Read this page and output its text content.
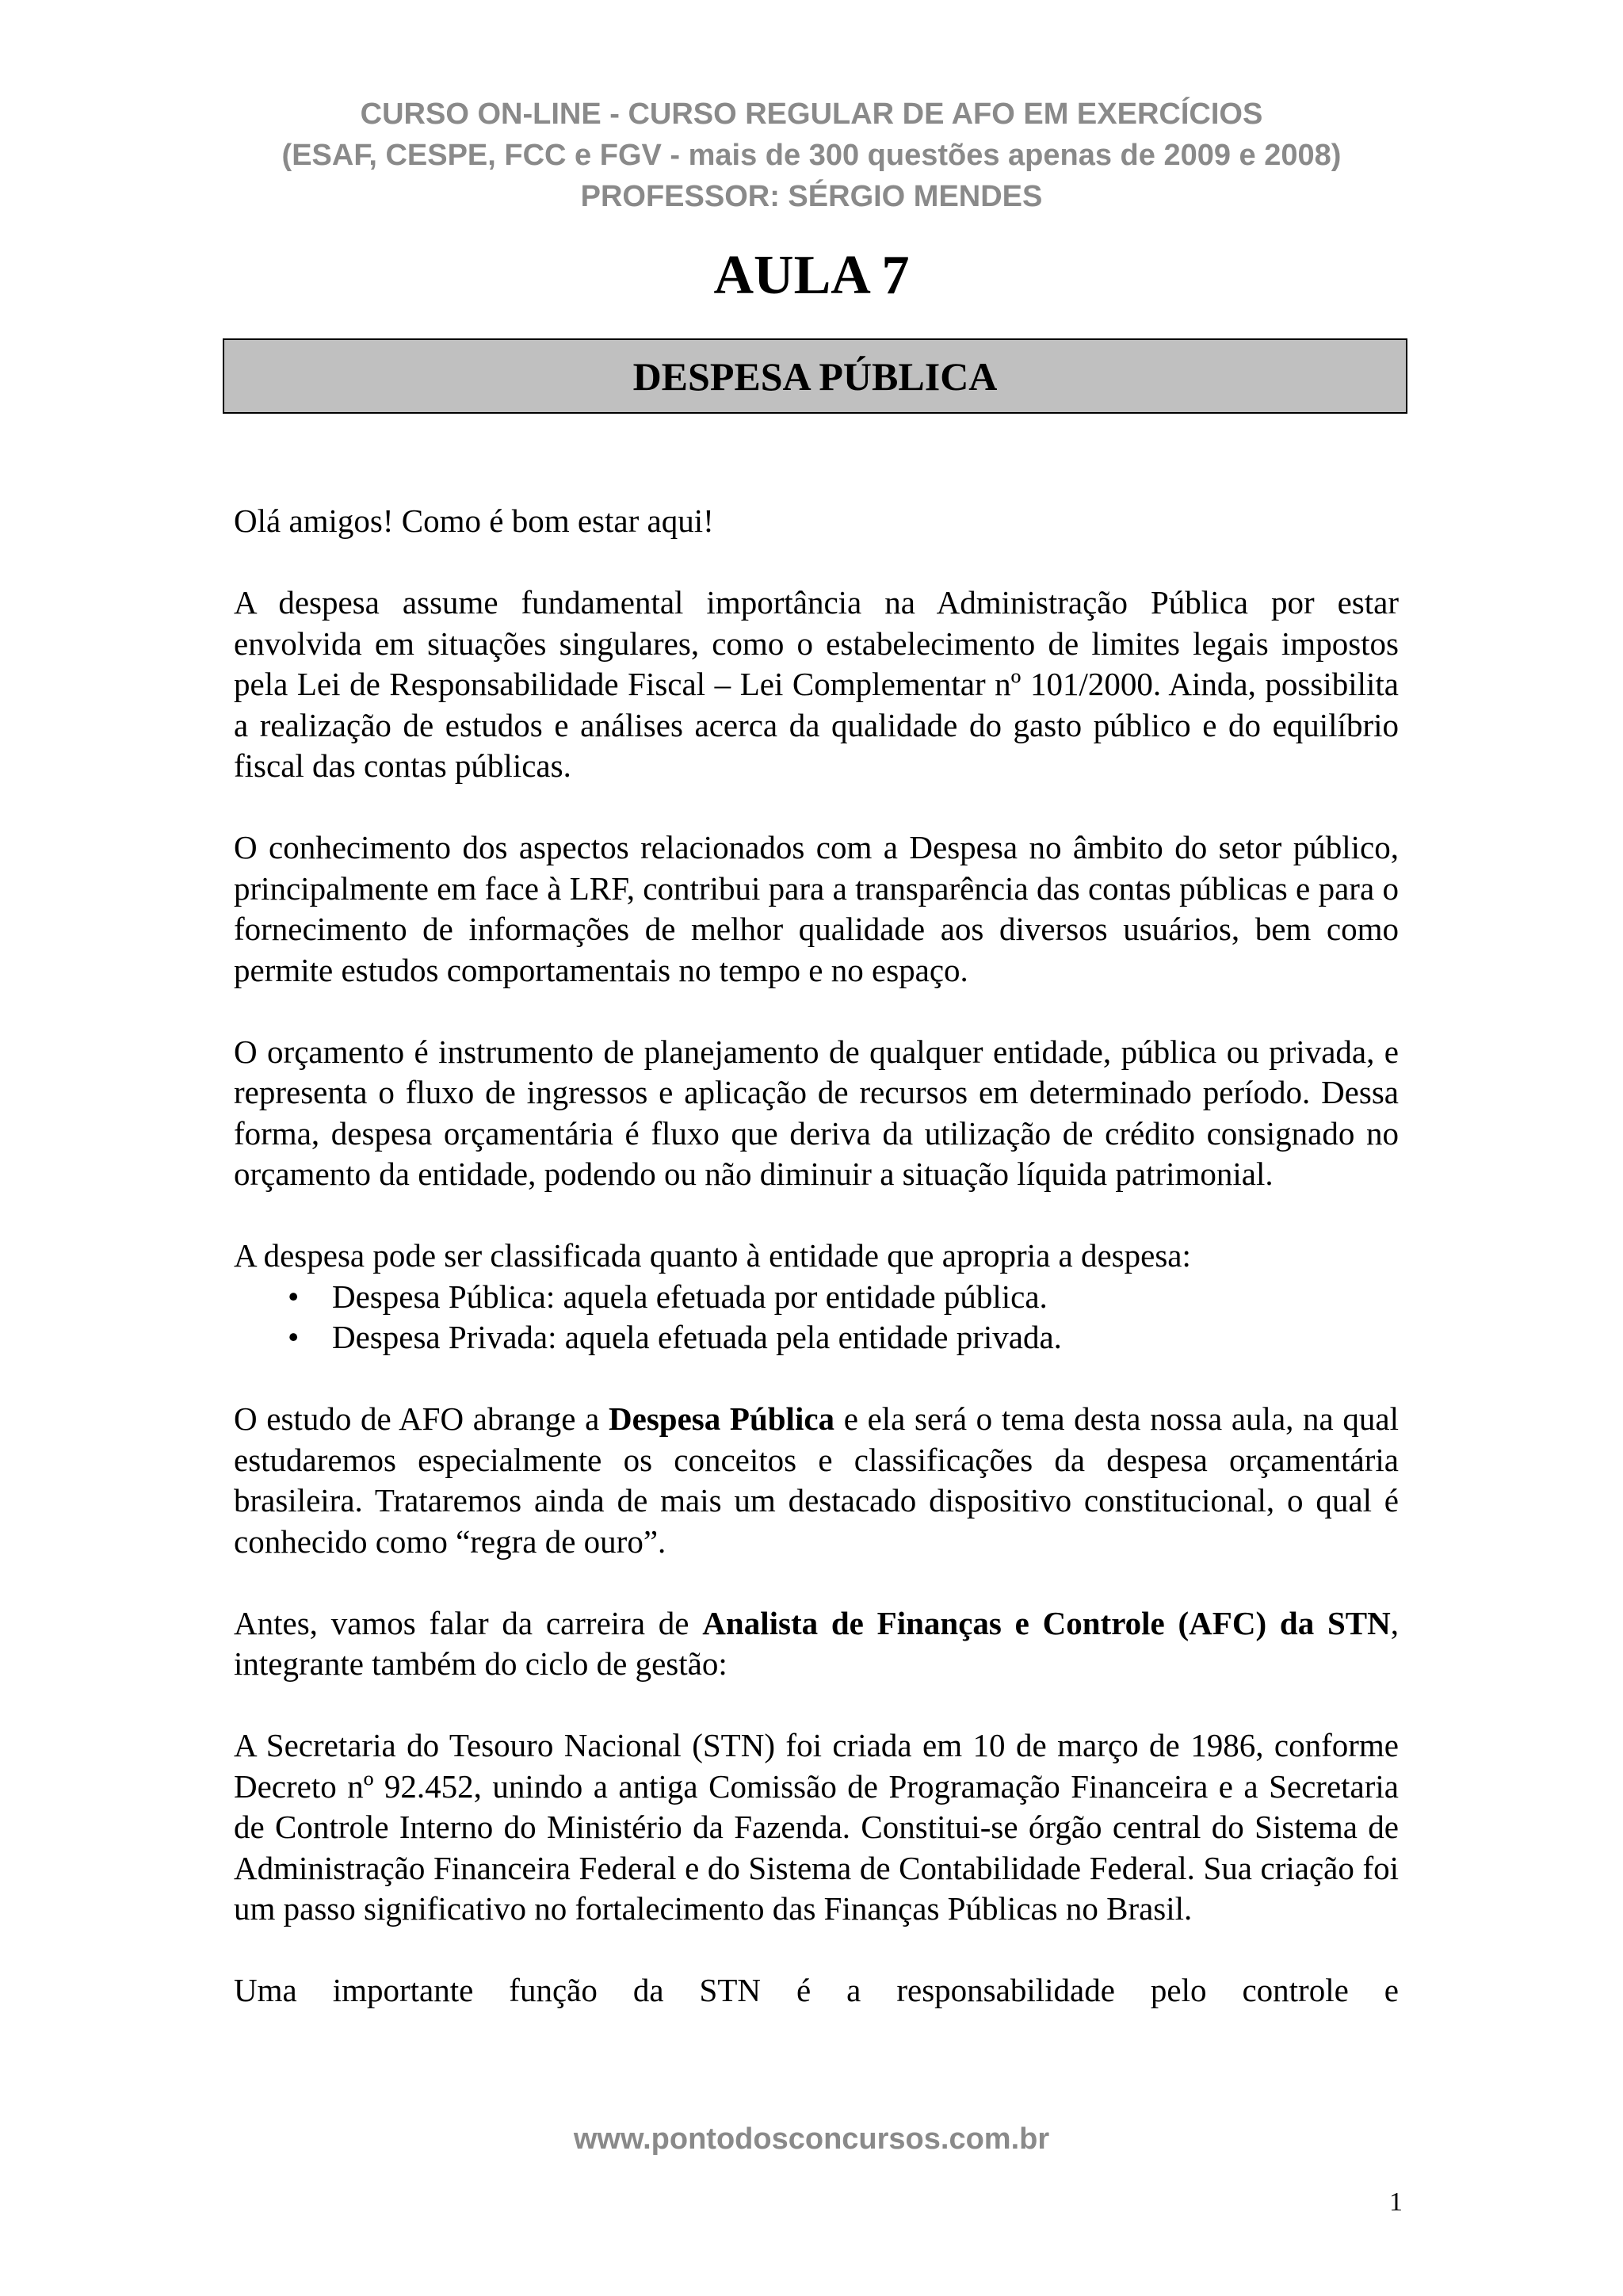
CURSO ON-LINE - CURSO REGULAR DE AFO EM EXERCÍCIOS
(ESAF, CESPE, FCC e FGV - mais de 300 questões apenas de 2009 e 2008)
PROFESSOR: SÉRGIO MENDES
AULA 7
DESPESA PÚBLICA

Olá amigos! Como é bom estar aqui!

A despesa assume fundamental importância na Administração Pública por estar envolvida em situações singulares, como o estabelecimento de limites legais impostos pela Lei de Responsabilidade Fiscal – Lei Complementar nº 101/2000. Ainda, possibilita a realização de estudos e análises acerca da qualidade do gasto público e do equilíbrio fiscal das contas públicas.

O conhecimento dos aspectos relacionados com a Despesa no âmbito do setor público, principalmente em face à LRF, contribui para a transparência das contas públicas e para o fornecimento de informações de melhor qualidade aos diversos usuários, bem como permite estudos comportamentais no tempo e no espaço.

O orçamento é instrumento de planejamento de qualquer entidade, pública ou privada, e representa o fluxo de ingressos e aplicação de recursos em determinado período. Dessa forma, despesa orçamentária é fluxo que deriva da utilização de crédito consignado no orçamento da entidade, podendo ou não diminuir a situação líquida patrimonial.

A despesa pode ser classificada quanto à entidade que apropria a despesa:

• Despesa Pública: aquela efetuada por entidade pública.
• Despesa Privada: aquela efetuada pela entidade privada.

O estudo de AFO abrange a Despesa Pública e ela será o tema desta nossa aula, na qual estudaremos especialmente os conceitos e classificações da despesa orçamentária brasileira. Trataremos ainda de mais um destacado dispositivo constitucional, o qual é conhecido como “regra de ouro”.

Antes, vamos falar da carreira de Analista de Finanças e Controle (AFC) da STN, integrante também do ciclo de gestão:

A Secretaria do Tesouro Nacional (STN) foi criada em 10 de março de 1986, conforme Decreto nº 92.452, unindo a antiga Comissão de Programação Financeira e a Secretaria de Controle Interno do Ministério da Fazenda. Constitui-se órgão central do Sistema de Administração Financeira Federal e do Sistema de Contabilidade Federal. Sua criação foi um passo significativo no fortalecimento das Finanças Públicas no Brasil.

Uma importante função da STN é a responsabilidade pelo controle e

www.pontodosconcursos.com.br
1
